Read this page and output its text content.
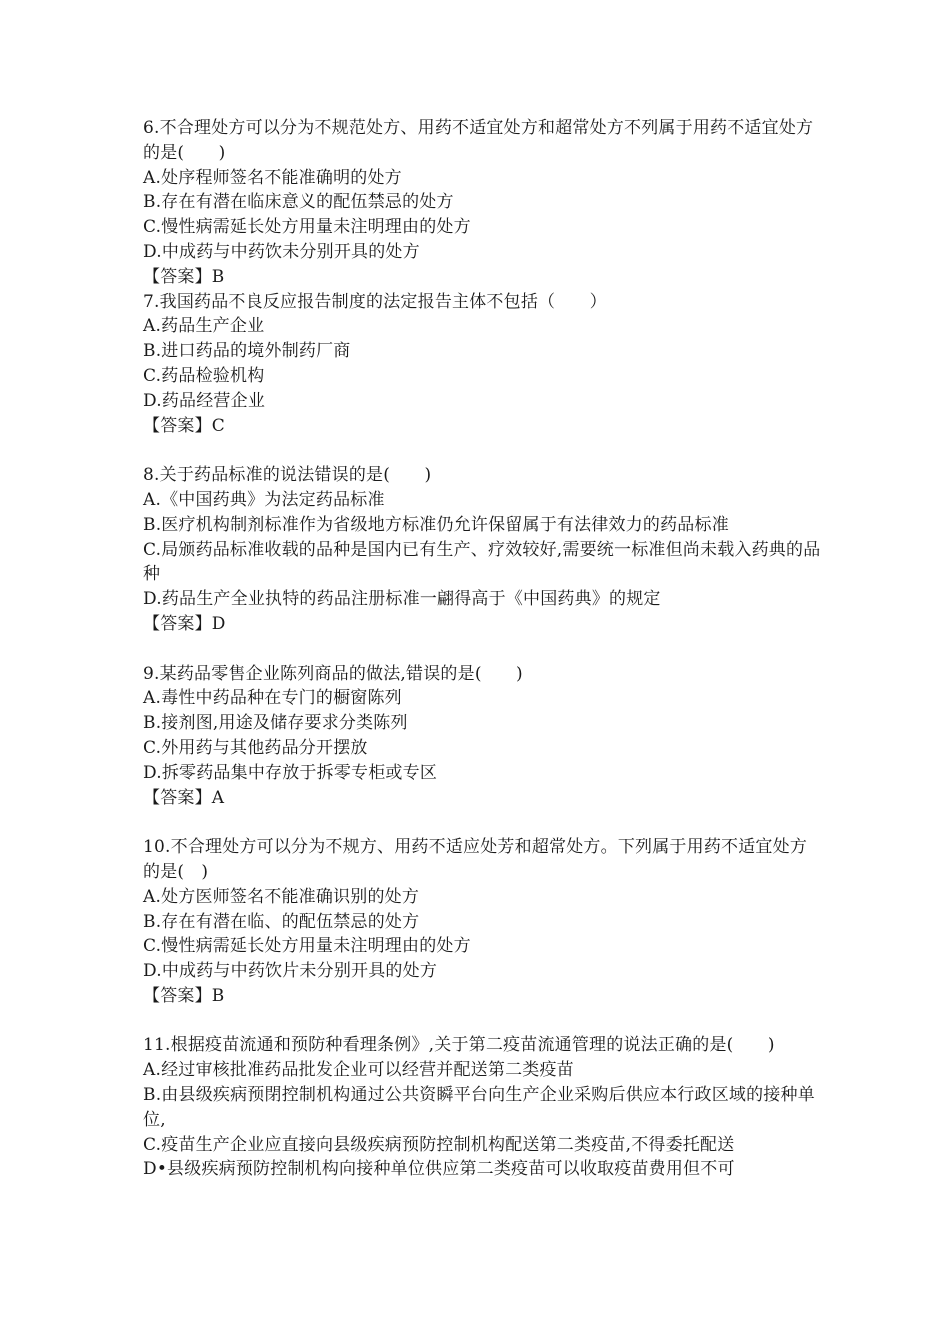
6.不合理处方可以分为不规范处方、用药不适宜处方和超常处方不列属于用药不适宜处方的是(　　)
A.处序程师签名不能准确明的处方
B.存在有潜在临床意义的配伍禁忌的处方
C.慢性病需延长处方用量未注明理由的处方
D.中成药与中药饮未分别开具的处方
【答案】B
7.我国药品不良反应报告制度的法定报告主体不包括（　　）
A.药品生产企业
B.进口药品的境外制药厂商
C.药品检验机构
D.药品经营企业
【答案】C
8.关于药品标准的说法错误的是(　　)
A.《中国药典》为法定药品标准
B.医疗机构制剂标准作为省级地方标准仍允许保留属于有法律效力的药品标准
C.局颁药品标准收载的品种是国内已有生产、疗效较好,需要统一标准但尚未载入药典的品种
D.药品生产全业执特的药品注册标准一翩得高于《中国药典》的规定
【答案】D
9.某药品零售企业陈列商品的做法,错误的是(　　)
A.毒性中药品种在专门的橱窗陈列
B.接剂图,用途及储存要求分类陈列
C.外用药与其他药品分开摆放
D.拆零药品集中存放于拆零专柜或专区
【答案】A
10.不合理处方可以分为不规方、用药不适应处芳和超常处方。下列属于用药不适宜处方的是(　)
A.处方医师签名不能准确识别的处方
B.存在有潜在临、的配伍禁忌的处方
C.慢性病需延长处方用量未注明理由的处方
D.中成药与中药饮片未分别开具的处方
【答案】B
11.根据疫苗流通和预防种看理条例》,关于第二疫苗流通管理的说法正确的是(　　)
A.经过审核批准药品批发企业可以经营并配送第二类疫苗
B.由县级疾病预閉控制机构通过公共资瞬平台向生产企业采购后供应本行政区域的接种单位,
C.疫苗生产企业应直接向县级疾病预防控制机构配送第二类疫苗,不得委托配送
D•县级疾病预防控制机构向接种单位供应第二类疫苗可以收取疫苗费用但不可
